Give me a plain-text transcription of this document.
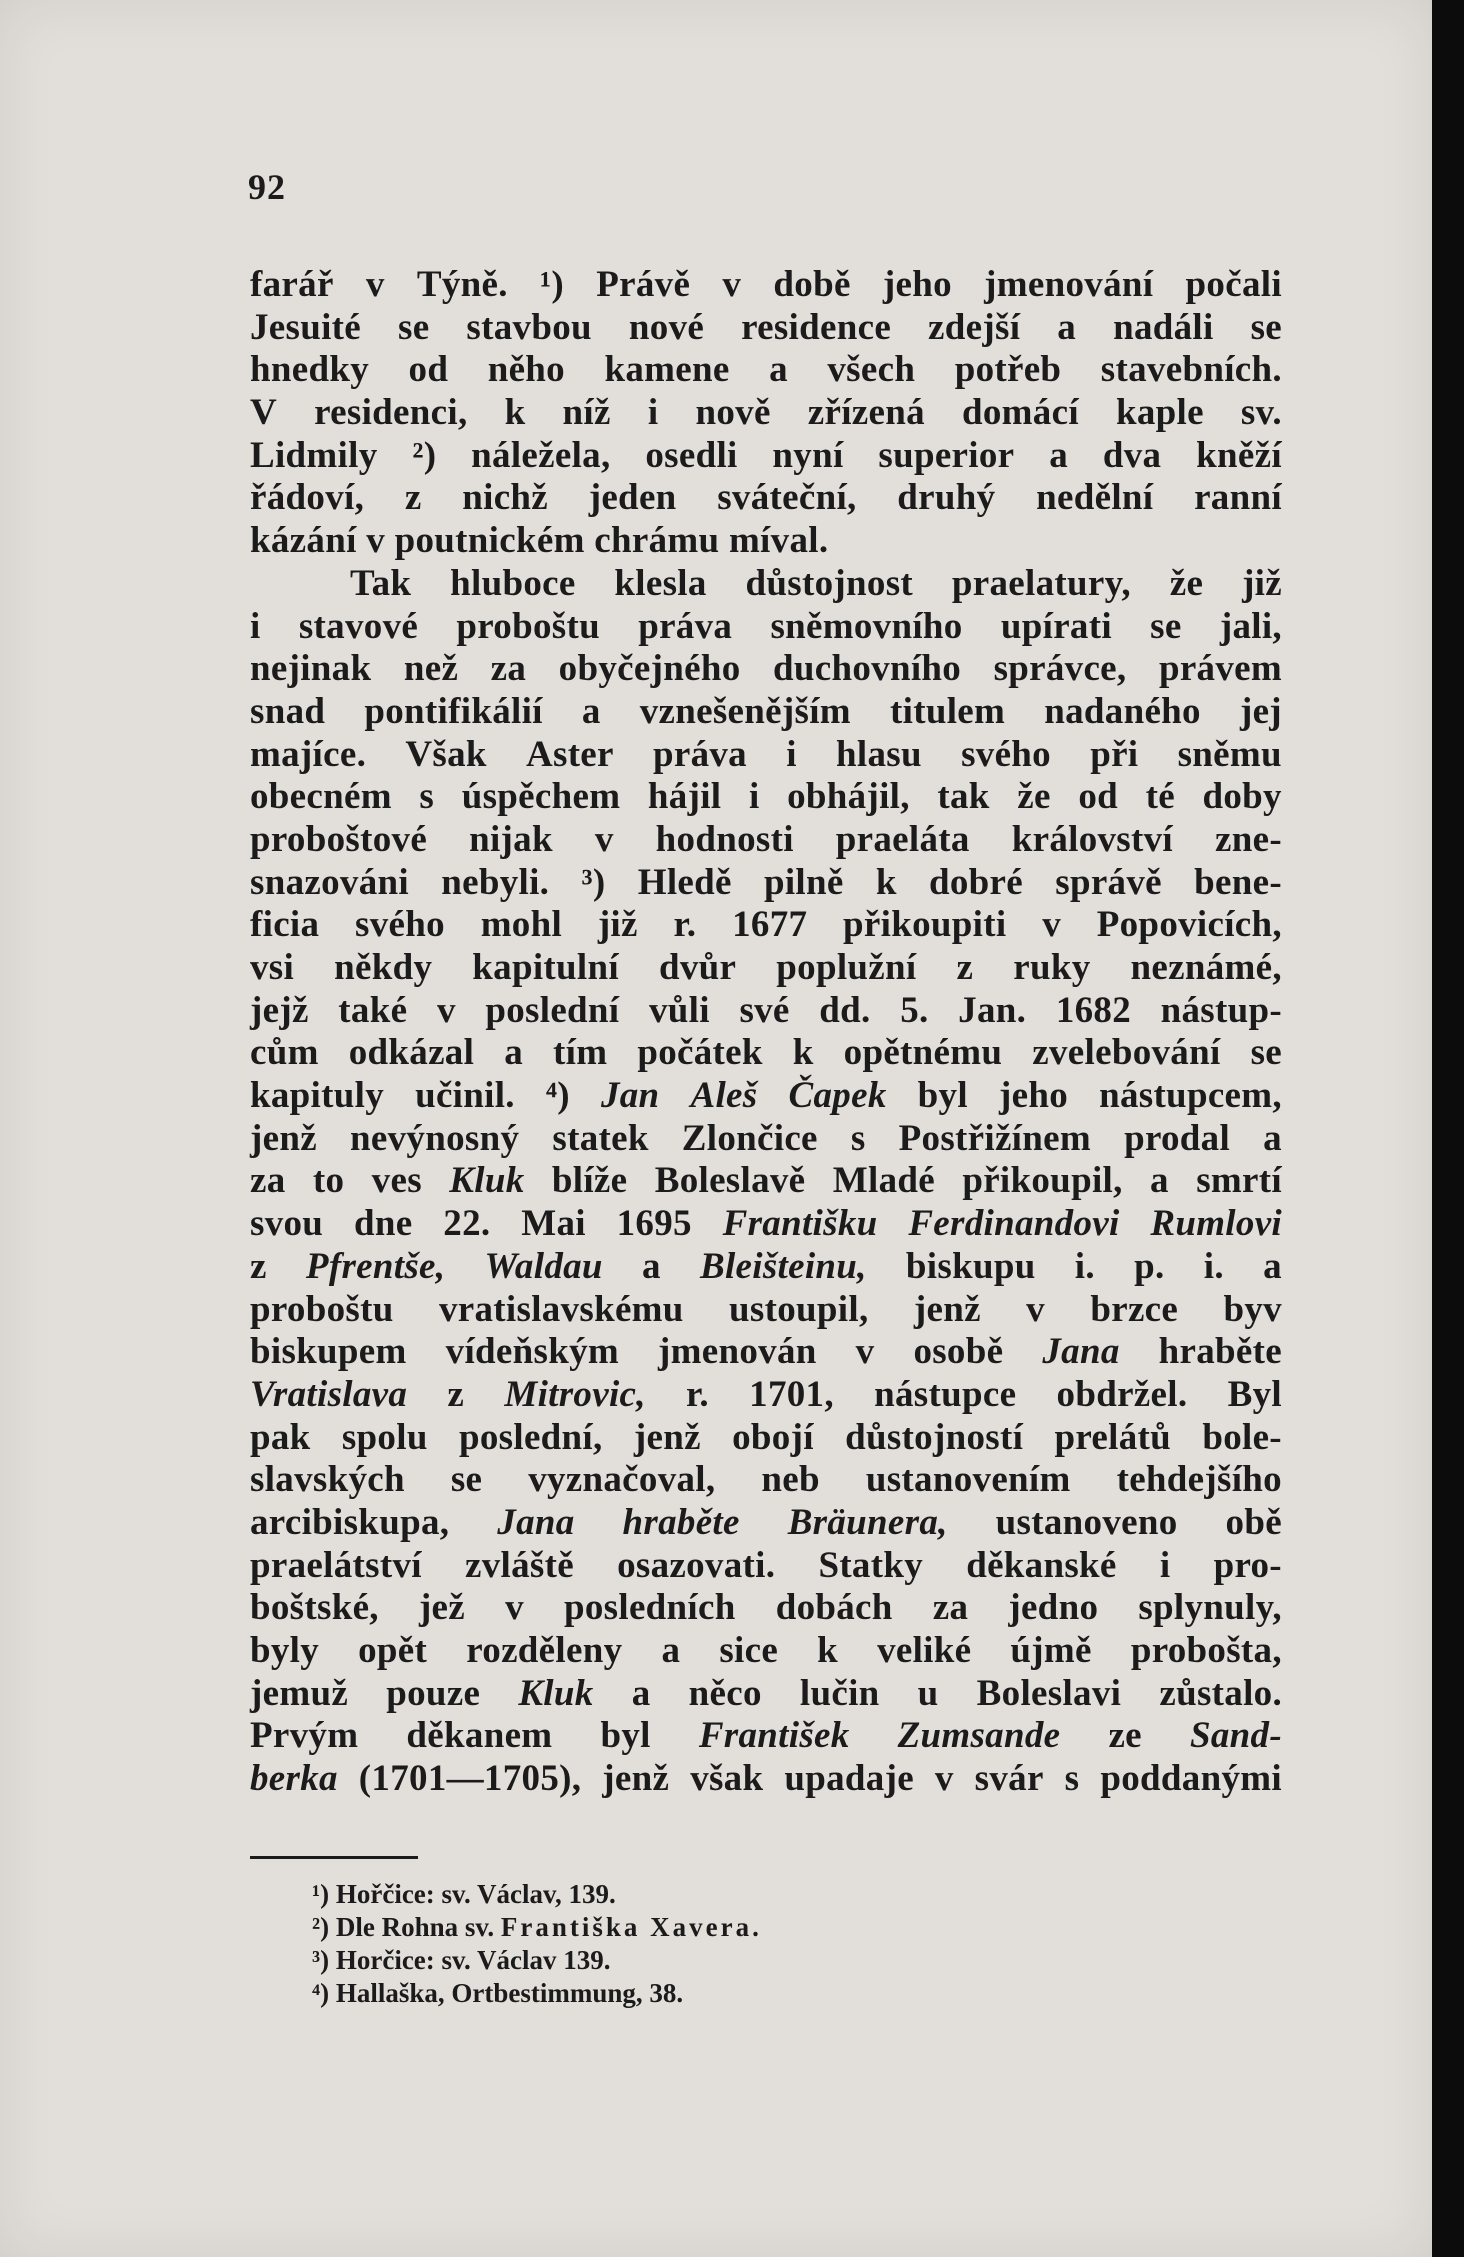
92
farář v Týně. ¹) Právě v době jeho jmenování počali
Jesuité se stavbou nové residence zdejší a nadáli se
hnedky od něho kamene a všech potřeb stavebních.
V residenci, k níž i nově zřízená domácí kaple sv.
Lidmily ²) náležela, osedli nyní superior a dva kněží
řádoví, z nichž jeden sváteční, druhý nedělní ranní
kázání
v
poutnickém
chrámu
míval.
Tak hluboce klesla důstojnost praelatury, že již
i stavové proboštu práva sněmovního upírati se jali,
nejinak než za obyčejného duchovního správce, právem
snad pontifikálií a vznešenějším titulem nadaného jej
majíce. Však Aster práva i hlasu svého při sněmu
obecném s úspěchem hájil i obhájil, tak že od té doby
proboštové nijak v hodnosti praeláta království zne-
snazováni nebyli. ³) Hledě pilně k dobré správě bene-
ficia svého mohl již r. 1677 přikoupiti v Popovicích,
vsi někdy kapitulní dvůr poplužní z ruky neznámé,
jejž také v poslední vůli své dd. 5. Jan. 1682 nástup-
cům odkázal a tím počátek k opětnému zvelebování se
kapituly učinil. ⁴) Jan Aleš Čapek byl jeho nástupcem,
jenž nevýnosný statek Zlončice s Postřižínem prodal a
za to ves Kluk blíže Boleslavě Mladé přikoupil, a smrtí
svou dne 22. Mai 1695 Františku Ferdinandovi Rumlovi
z Pfrentše, Waldau a Bleišteinu, biskupu i. p. i. a
proboštu vratislavskému ustoupil, jenž v brzce byv
biskupem vídeňským jmenován v osobě Jana hraběte
Vratislava z Mitrovic, r. 1701, nástupce obdržel. Byl
pak spolu poslední, jenž obojí důstojností prelátů bole-
slavských se vyznačoval, neb ustanovením tehdejšího
arcibiskupa, Jana hraběte Bräunera, ustanoveno obě
praelátství zvláště osazovati. Statky děkanské i pro-
boštské, jež v posledních dobách za jedno splynuly,
byly opět rozděleny a sice k veliké újmě probošta,
jemuž pouze Kluk a něco lučin u Boleslavi zůstalo.
Prvým děkanem byl František Zumsande ze Sand-
berka (1701—1705), jenž však upadaje v svár s poddanými
¹) Hořčice: sv. Václav, 139.
²) Dle Rohna sv. Františka Xavera.
³) Horčice: sv. Václav 139.
⁴) Hallaška, Ortbestimmung, 38.
